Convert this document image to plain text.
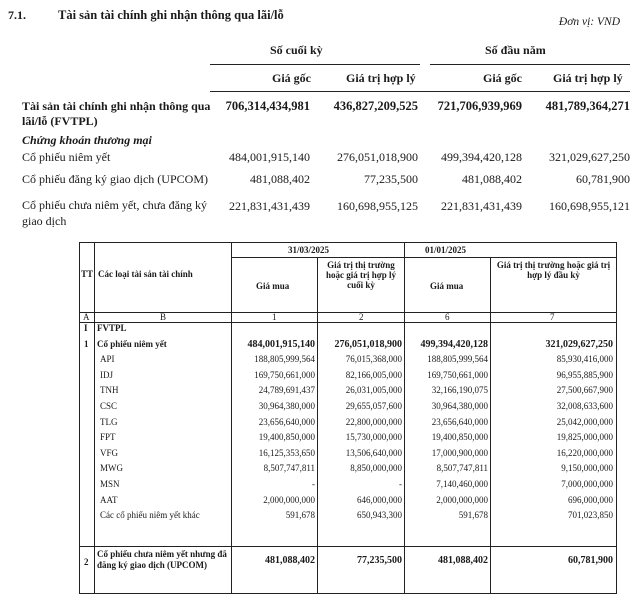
7.1.	Tài sản tài chính ghi nhận thông qua lãi/lỗ	Đơn vị: VND
Số cuối kỳ	Số đầu năm
Giá gốc	Giá trị hợp lý	Giá gốc	Giá trị hợp lý
Tài sản tài chính ghi nhận thông qua lãi/lỗ (FVTPL)
706,314,434,981 436,827,209,525 721,706,939,969 481,789,364,271
Chứng khoán thương mại
Cổ phiếu niêm yết	484,001,915,140 276,051,018,900 499,394,420,128 321,029,627,250
Cổ phiếu đăng ký giao dịch (UPCOM)	481,088,402	77,235,500	481,088,402	60,781,900
Cổ phiếu chưa niêm yết, chưa đăng ký giao dịch
221,831,431,439 160,698,955,125 221,831,431,439 160,698,955,121
31/03/2025	01/01/2025
TT Các loại tài sản tài chính
Giá mua
Giá trị thị trường hoặc giá trị hợp lý cuối kỳ	Giá mua
Giá trị thị trường hoặc giá trị hợp lý đầu kỳ
A	B	1	2	6	7
I FVTPL
1 Cổ phiếu niêm yết	484,001,915,140 276,051,018,900 499,394,420,128	321,029,627,250
API	188,805,999,564	76,015,368,000	188,805,999,564	85,930,416,000
IDJ	169,750,661,000	82,166,005,000	169,750,661,000	96,955,885,900
TNH	24,789,691,437	26,031,005,000	32,166,190,075	27,500,667,900
CSC	30,964,380,000	29,655,057,600	30,964,380,000	32,008,633,600
TLG	23,656,640,000	22,800,000,000	23,656,640,000	25,042,000,000
FPT	19,400,850,000	15,730,000,000	19,400,850,000	19,825,000,000
VFG	16,125,353,650	13,506,640,000	17,000,900,000	16,220,000,000
MWG	8,507,747,811	8,850,000,000	8,507,747,811	9,150,000,000
MSN	-	-	7,140,460,000	7,000,000,000
AAT	2,000,000,000	646,000,000	2,000,000,000	696,000,000
Các cổ phiếu niêm yết khác	591,678	650,943,300	591,678	701,023,850
2
Cổ phiếu chưa niêm yết nhưng đã đăng ký giao dịch (UPCOM)	481,088,402	77,235,500	481,088,402	60,781,900
